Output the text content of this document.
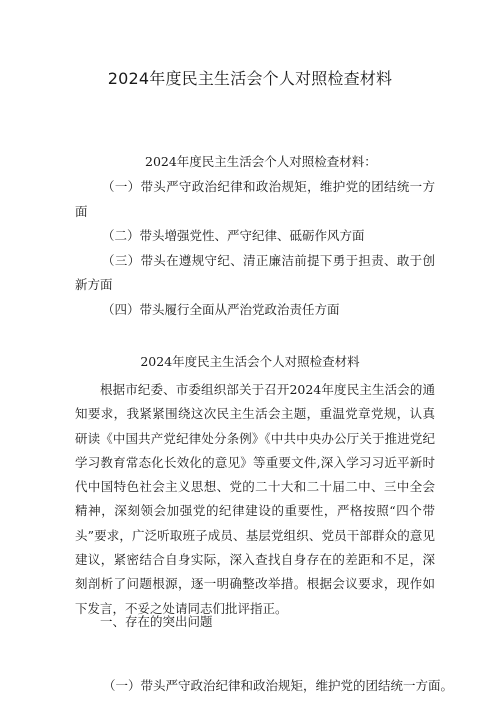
2024年度民主生活会个人对照检查材料
2024年度民主生活会个人对照检查材料：

（一）带头严守政治纪律和政治规矩，维护党的团结统一方面

（二）带头增强党性、严守纪律、砥砺作风方面

（三）带头在遵规守纪、清正廉洁前提下勇于担责、敢于创新方面

（四）带头履行全面从严治党政治责任方面

2024年度民主生活会个人对照检查材料

根据市纪委、市委组织部关于召开2024年度民主生活会的通知要求，我紧紧围绕这次民主生活会主题，重温党章党规，认真研读《中国共产党纪律处分条例》《中共中央办公厅关于推进党纪学习教育常态化长效化的意见》等重要文件,深入学习习近平新时代中国特色社会主义思想、党的二十大和二十届二中、三中全会精神，深刻领会加强党的纪律建设的重要性，严格按照“四个带头”要求，广泛听取班子成员、基层党组织、党员干部群众的意见建议，紧密结合自身实际，深入查找自身存在的差距和不足，深刻剖析了问题根源，逐一明确整改举措。根据会议要求，现作如下发言，不妥之处请同志们批评指正。

一、存在的突出问题
（一）带头严守政治纪律和政治规矩，维护党的团结统一方面。
